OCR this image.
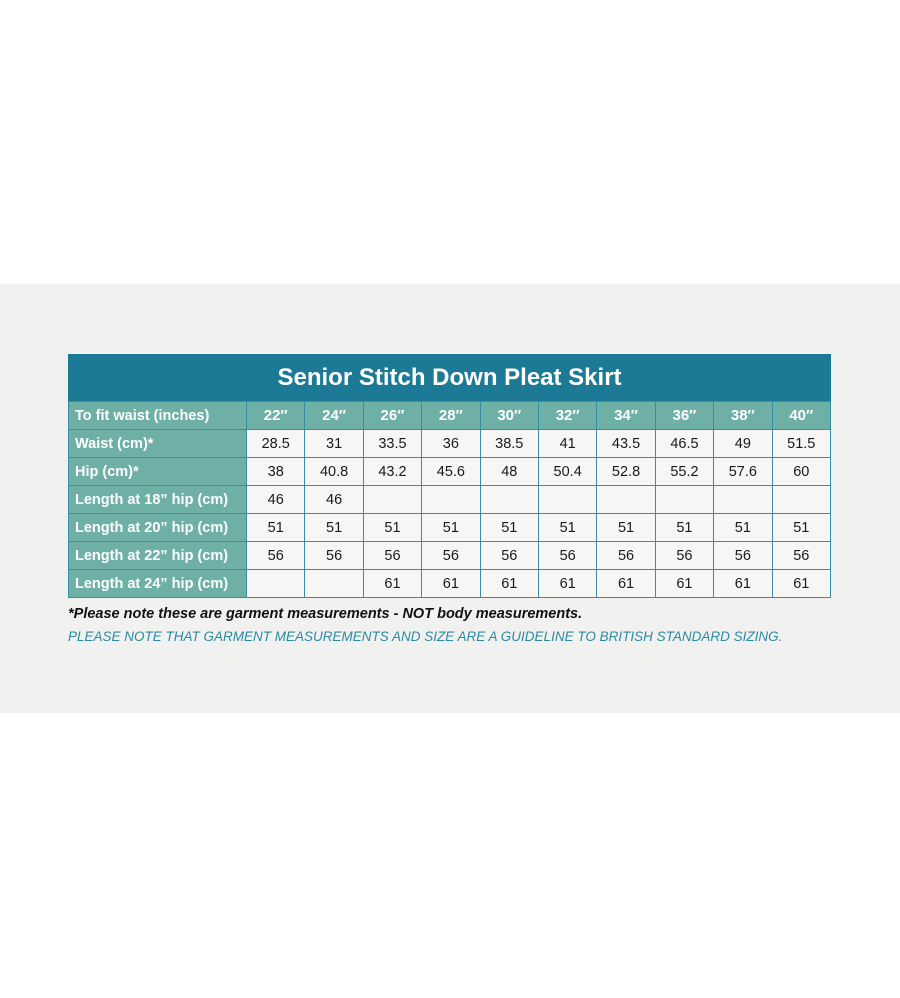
Senior Stitch Down Pleat Skirt
To fit waist (inches)	22″	24″	26″	28″	30″	32″	34″	36″	38″	40″
Waist (cm)*	28.5	31	33.5	36	38.5	41	43.5	46.5	49	51.5
Hip (cm)*	38	40.8	43.2	45.6	48	50.4	52.8	55.2	57.6	60
Length at 18” hip (cm)	46	46								
Length at 20” hip (cm)	51	51	51	51	51	51	51	51	51	51
Length at 22” hip (cm)	56	56	56	56	56	56	56	56	56	56
Length at 24” hip (cm)			61	61	61	61	61	61	61	61
*Please note these are garment measurements - NOT body measurements.
PLEASE NOTE THAT GARMENT MEASUREMENTS AND SIZE ARE A GUIDELINE TO BRITISH STANDARD SIZING.
